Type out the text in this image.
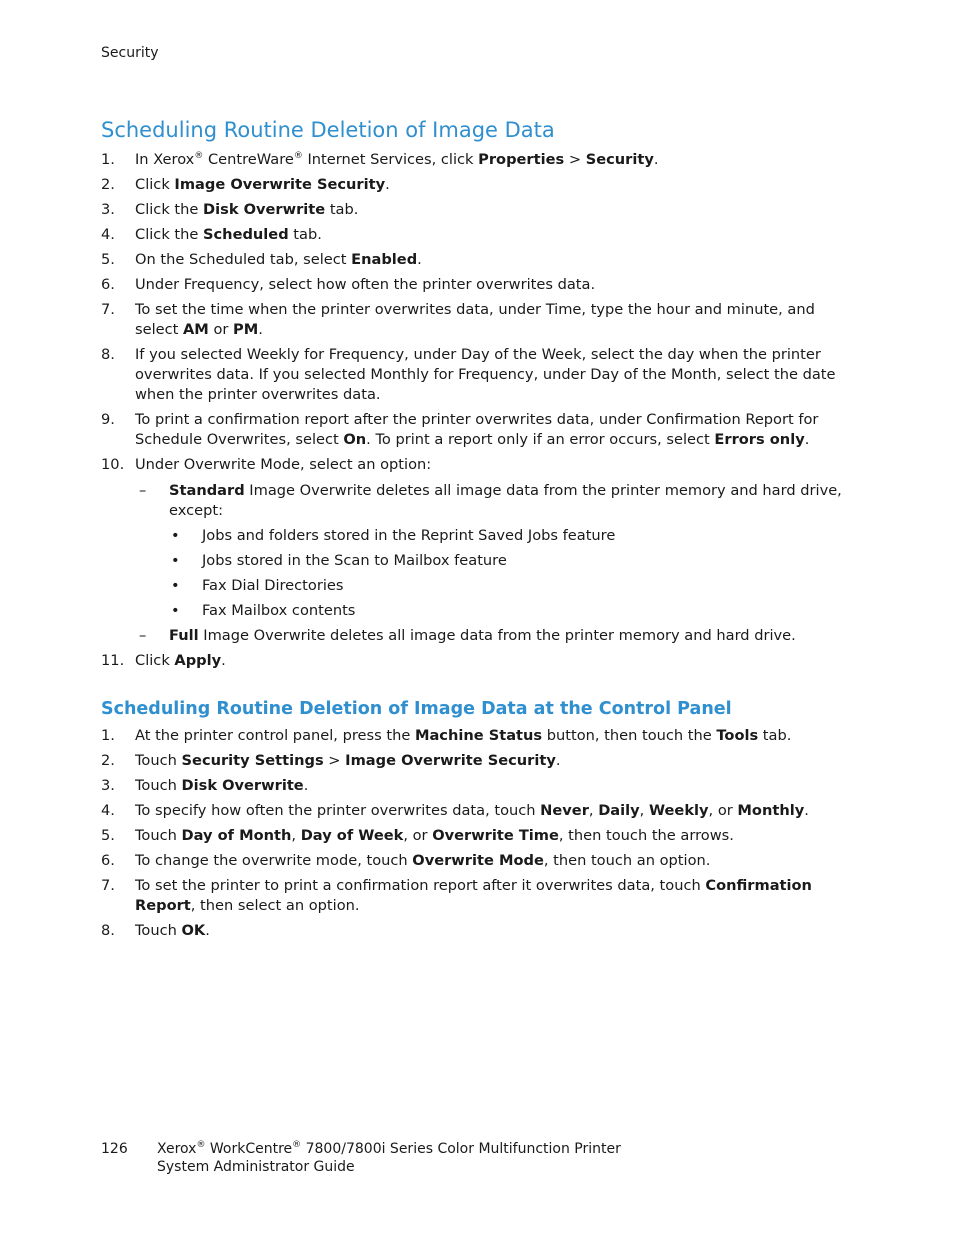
Security
Scheduling Routine Deletion of Image Data
1.	In Xerox® CentreWare® Internet Services, click Properties > Security.
2.	Click Image Overwrite Security.
3.	Click the Disk Overwrite tab.
4.	Click the Scheduled tab.
5.	On the Scheduled tab, select Enabled.
6.	Under Frequency, select how often the printer overwrites data.
7.	To set the time when the printer overwrites data, under Time, type the hour and minute, and select AM or PM.
8.	If you selected Weekly for Frequency, under Day of the Week, select the day when the printer overwrites data. If you selected Monthly for Frequency, under Day of the Month, select the date when the printer overwrites data.
9.	To print a confirmation report after the printer overwrites data, under Confirmation Report for Schedule Overwrites, select On. To print a report only if an error occurs, select Errors only.
10. Under Overwrite Mode, select an option:
– Standard Image Overwrite deletes all image data from the printer memory and hard drive, except:
• Jobs and folders stored in the Reprint Saved Jobs feature
• Jobs stored in the Scan to Mailbox feature
• Fax Dial Directories
• Fax Mailbox contents
– Full Image Overwrite deletes all image data from the printer memory and hard drive.
11. Click Apply.
Scheduling Routine Deletion of Image Data at the Control Panel
1.	At the printer control panel, press the Machine Status button, then touch the Tools tab.
2.	Touch Security Settings > Image Overwrite Security.
3.	Touch Disk Overwrite.
4.	To specify how often the printer overwrites data, touch Never, Daily, Weekly, or Monthly.
5.	Touch Day of Month, Day of Week, or Overwrite Time, then touch the arrows.
6.	To change the overwrite mode, touch Overwrite Mode, then touch an option.
7.	To set the printer to print a confirmation report after it overwrites data, touch Confirmation Report, then select an option.
8.	Touch OK.
126	Xerox® WorkCentre® 7800/7800i Series Color Multifunction Printer
System Administrator Guide
